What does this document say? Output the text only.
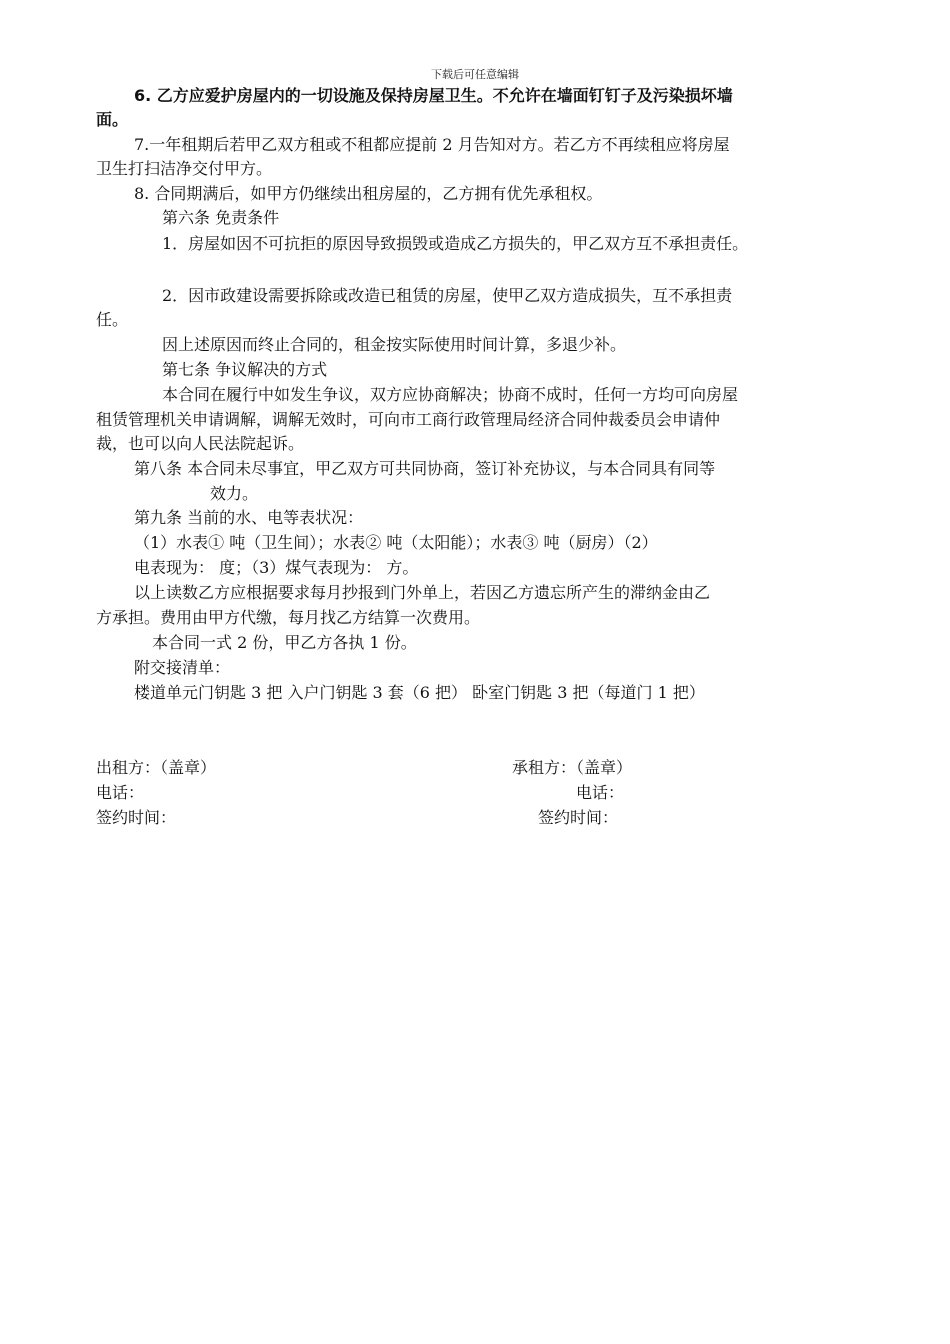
下载后可任意编辑
6. 乙方应爱护房屋内的一切设施及保持房屋卫生。不允许在墙面钉钉子及污染损坏墙
面。
7.一年租期后若甲乙双方租或不租都应提前 2 月告知对方。若乙方不再续租应将房屋
卫生打扫洁净交付甲方。
8. 合同期满后，如甲方仍继续出租房屋的，乙方拥有优先承租权。
第六条 免责条件
1．房屋如因不可抗拒的原因导致损毁或造成乙方损失的，甲乙双方互不承担责任。
2．因市政建设需要拆除或改造已租赁的房屋，使甲乙双方造成损失，互不承担责
任。
因上述原因而终止合同的，租金按实际使用时间计算，多退少补。
第七条 争议解决的方式
本合同在履行中如发生争议，双方应协商解决；协商不成时，任何一方均可向房屋
租赁管理机关申请调解，调解无效时，可向市工商行政管理局经济合同仲裁委员会申请仲
裁，也可以向人民法院起诉。
第八条 本合同未尽事宜，甲乙双方可共同协商，签订补充协议，与本合同具有同等
效力。
第九条 当前的水、电等表状况：
（1）水表① 吨（卫生间）；水表② 吨（太阳能）；水表③ 吨（厨房）（2）
电表现为： 度；（3）煤气表现为： 方。
以上读数乙方应根据要求每月抄报到门外单上，若因乙方遗忘所产生的滞纳金由乙
方承担。费用由甲方代缴，每月找乙方结算一次费用。
本合同一式 2 份，甲乙方各执 1 份。
附交接清单：
楼道单元门钥匙 3 把 入户门钥匙 3 套（6 把） 卧室门钥匙 3 把（每道门 1 把）
出租方：（盖章）	承租方：（盖章）
电话：	电话：
签约时间：	签约时间：
